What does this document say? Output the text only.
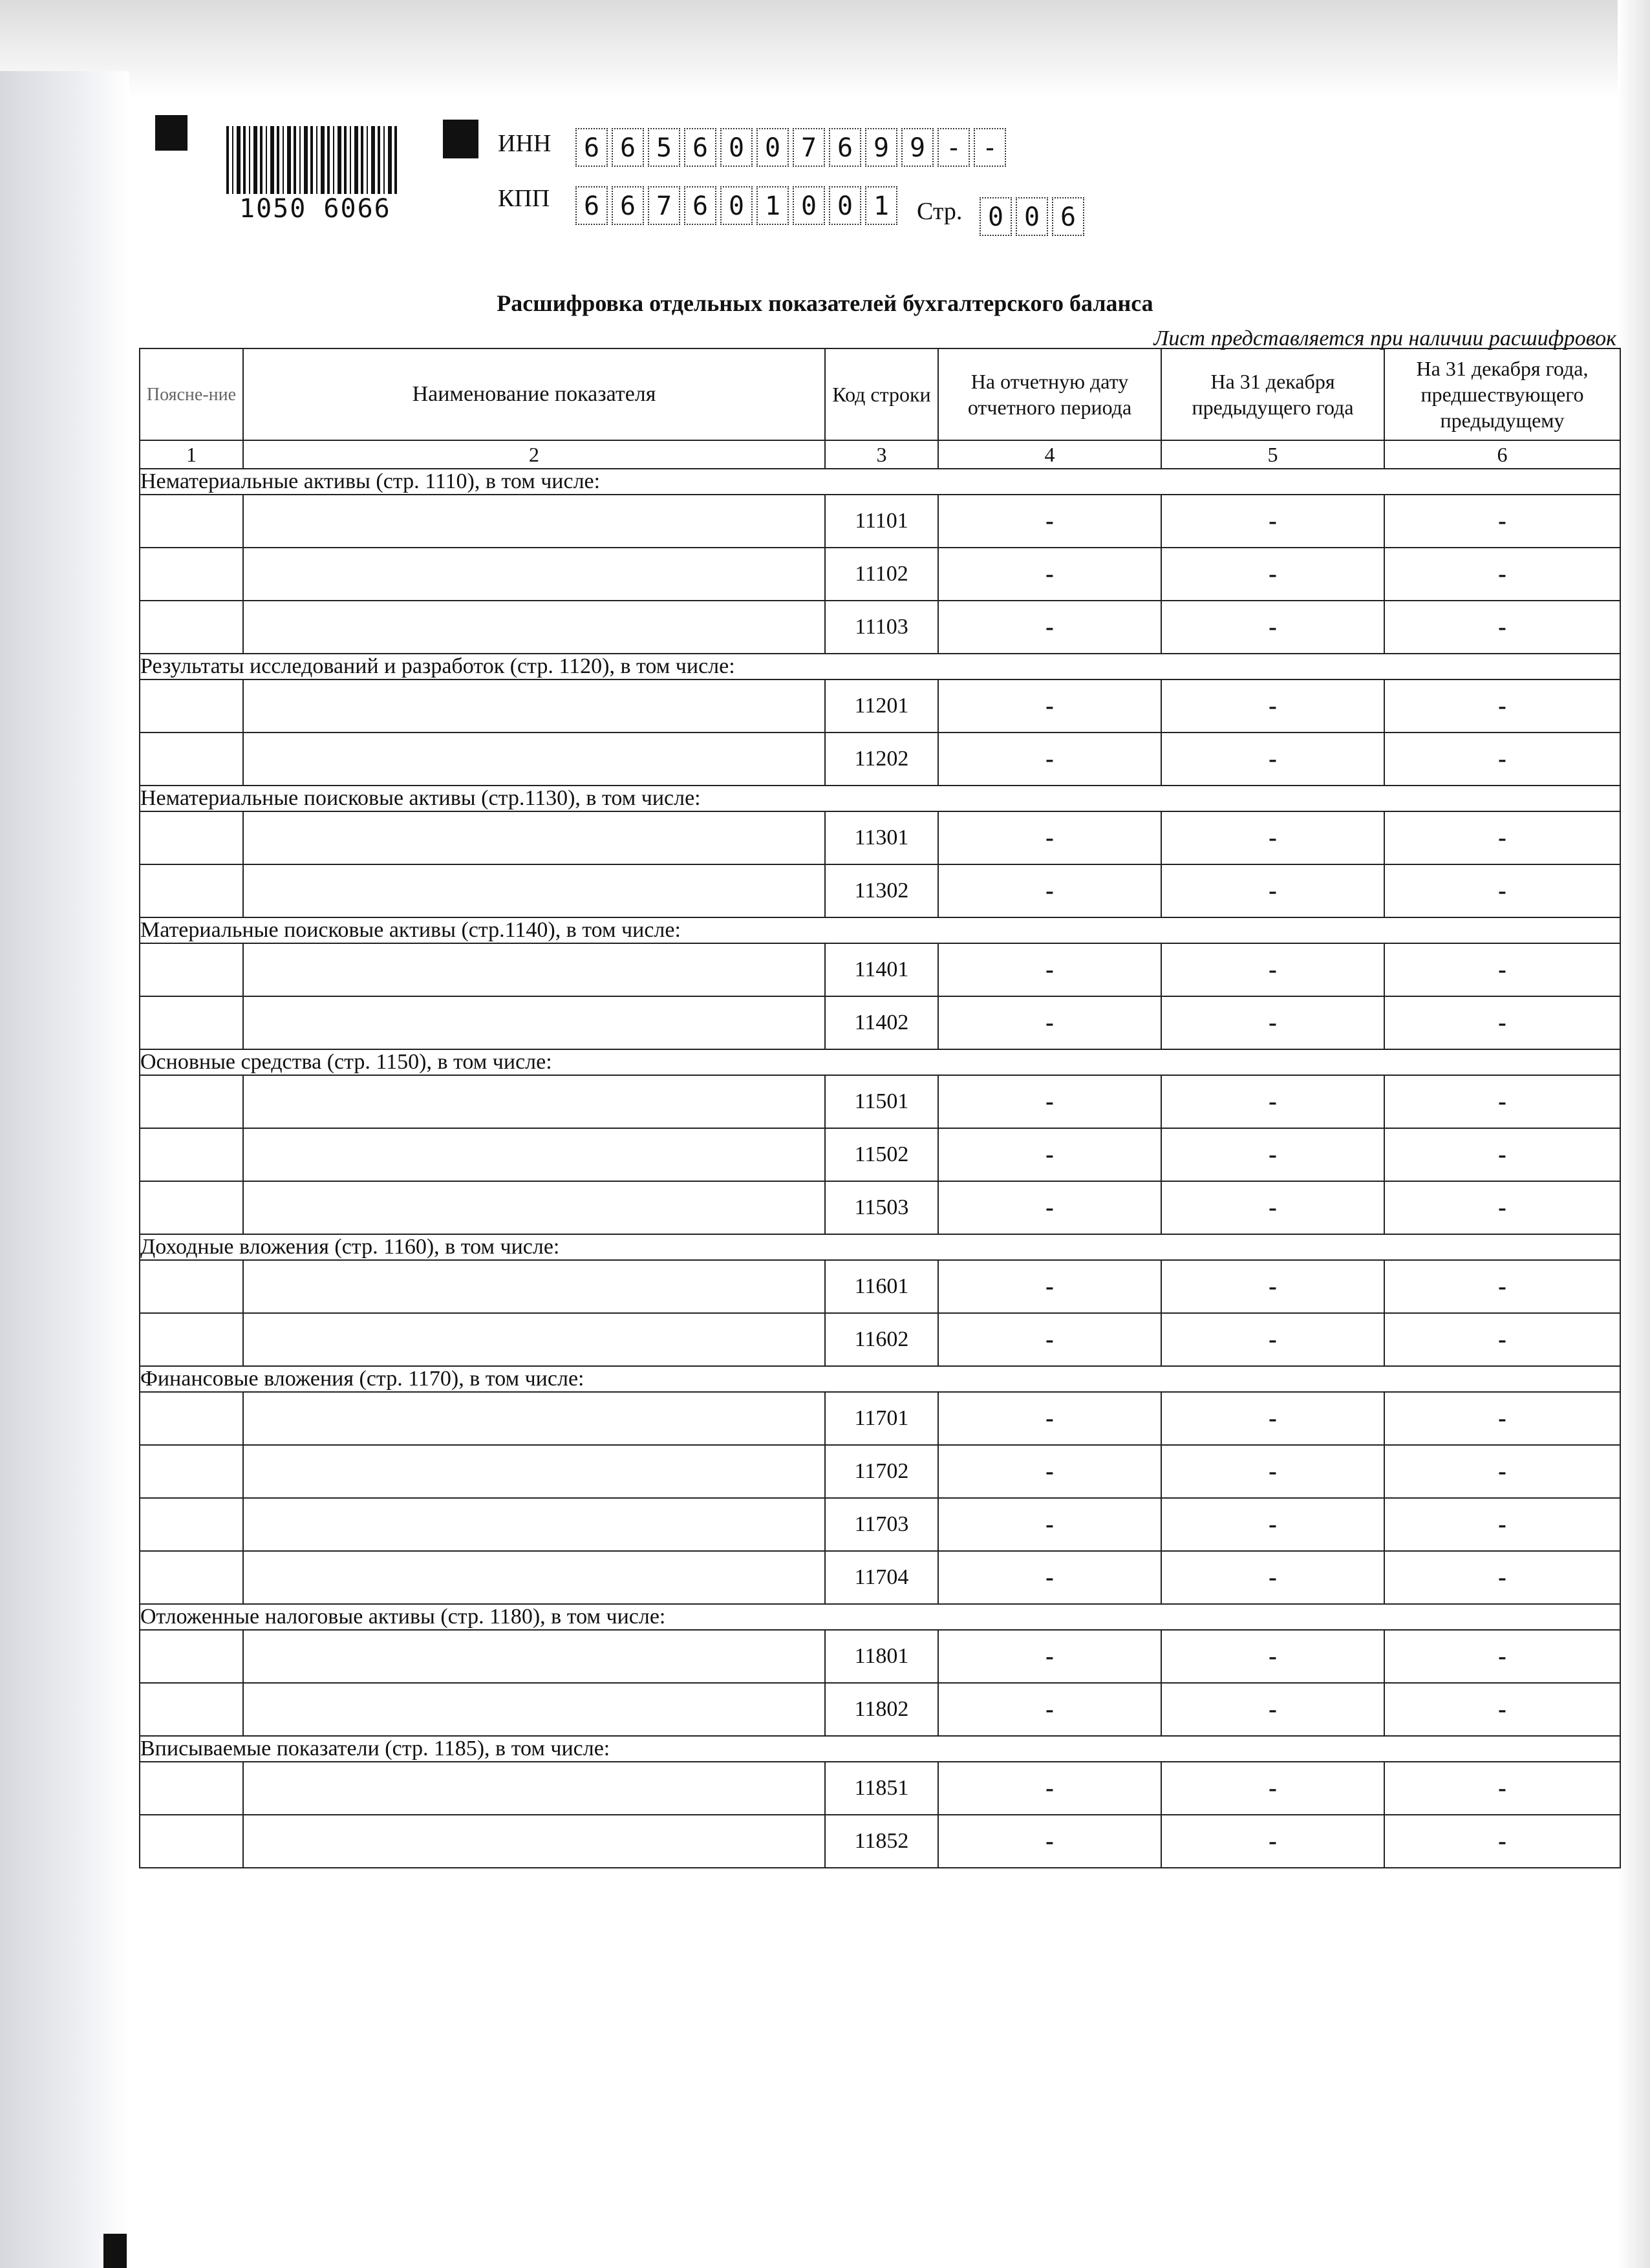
1050 6066
ИНН	6 6 5 6 0 0 7 6 9 9 - -
КПП	6 6 7 6 0 1 0 0 1	Стр. 0 0 6
Расшифровка отдельных показателей бухгалтерского баланса
Лист представляется при наличии расшифровок
Поясне-ние	Наименование показателя	Код строки	На отчетную дату отчетного периода	На 31 декабря предыдущего года	На 31 декабря года, предшествующего предыдущему
1	2	3	4	5	6
Нематериальные активы (стр. 1110), в том числе:					
		11101	-	-	-
		11102	-	-	-
		11103	-	-	-
Результаты исследований и разработок (стр. 1120), в том числе:					
		11201	-	-	-
		11202	-	-	-
Нематериальные поисковые активы (стр.1130), в том числе:					
		11301	-	-	-
		11302	-	-	-
Материальные поисковые активы (стр.1140), в том числе:					
		11401	-	-	-
		11402	-	-	-
Основные средства (стр. 1150), в том числе:					
		11501	-	-	-
		11502	-	-	-
		11503	-	-	-
Доходные вложения (стр. 1160), в том числе:					
		11601	-	-	-
		11602	-	-	-
Финансовые вложения (стр. 1170), в том числе:					
		11701	-	-	-
		11702	-	-	-
		11703	-	-	-
		11704	-	-	-
Отложенные налоговые активы (стр. 1180), в том числе:					
		11801	-	-	-
		11802	-	-	-
Вписываемые показатели (стр. 1185), в том числе:					
		11851	-	-	-
		11852	-	-	-
